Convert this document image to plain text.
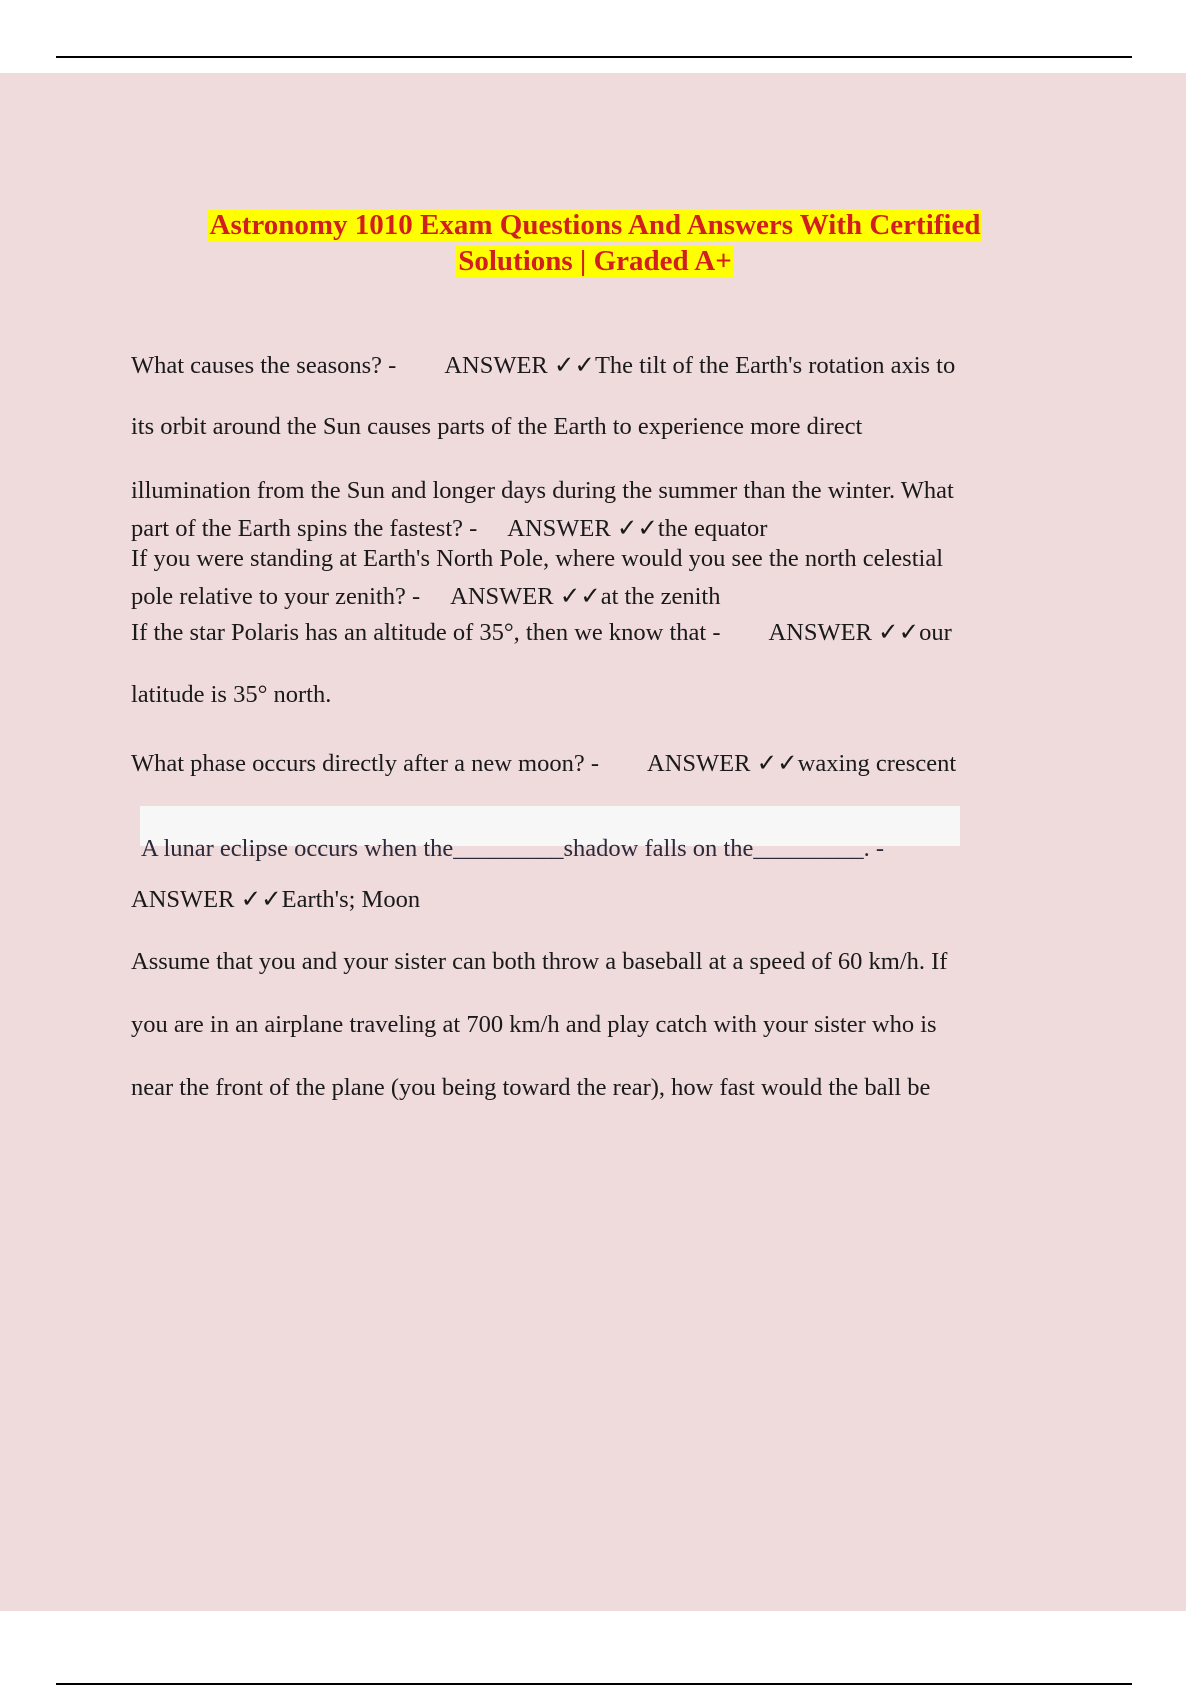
Astronomy 1010 Exam Questions And Answers With Certified
Solutions | Graded A+

What causes the seasons? - ANSWER ✓✓The tilt of the Earth's rotation axis to

its orbit around the Sun causes parts of the Earth to experience more direct

illumination from the Sun and longer days during the summer than the winter. What

part of the Earth spins the fastest? - ANSWER ✓✓the equator

If you were standing at Earth's North Pole, where would you see the north celestial

pole relative to your zenith? - ANSWER ✓✓at the zenith

If the star Polaris has an altitude of 35°, then we know that - ANSWER ✓✓our

latitude is 35° north.

What phase occurs directly after a new moon? - ANSWER ✓✓waxing crescent

A lunar eclipse occurs when the_________shadow falls on the_________. -

ANSWER ✓✓Earth's; Moon

Assume that you and your sister can both throw a baseball at a speed of 60 km/h. If

you are in an airplane traveling at 700 km/h and play catch with your sister who is

near the front of the plane (you being toward the rear), how fast would the ball be
